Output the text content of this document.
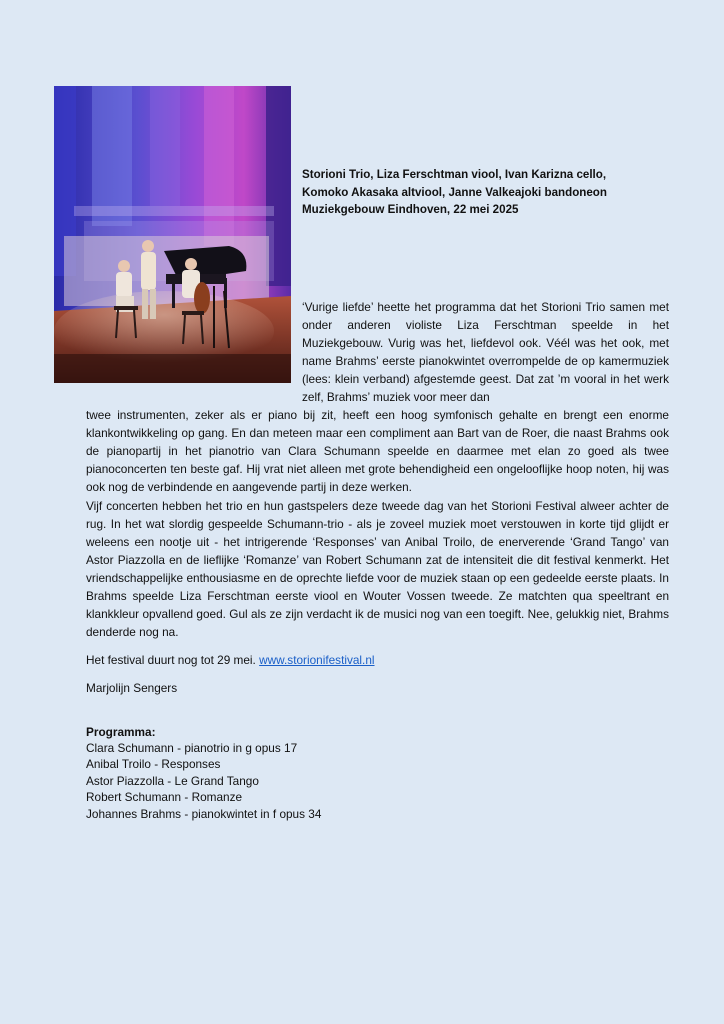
Storioni Trio, Liza Ferschtman viool, Ivan Karizna cello,
Komoko Akasaka altviool, Janne Valkeajoki bandoneon
Muziekgebouw Eindhoven, 22 mei 2025

‘Vurige liefde’ heette het programma dat het Storioni Trio samen met onder anderen violiste Liza Ferschtman speelde in het Muziekgebouw. Vurig was het, liefdevol ook. Véél was het ook, met name Brahms’ eerste pianokwintet overrompelde de op kamermuziek (lees: klein verband) afgestemde geest. Dat zat ’m vooral in het werk zelf, Brahms’ muziek voor meer dan

twee instrumenten, zeker als er piano bij zit, heeft een hoog symfonisch gehalte en brengt een enorme klankontwikkeling op gang. En dan meteen maar een compliment aan Bart van de Roer, die naast Brahms ook de pianopartij in het pianotrio van Clara Schumann speelde en daarmee met elan zo goed als twee pianoconcerten ten beste gaf. Hij vrat niet alleen met grote behendigheid een ongelooflijke hoop noten, hij was ook nog de verbindende en aangevende partij in deze werken.

Vijf concerten hebben het trio en hun gastspelers deze tweede dag van het Storioni Festival alweer achter de rug. In het wat slordig gespeelde Schumann-trio - als je zoveel muziek moet verstouwen in korte tijd glijdt er weleens een nootje uit - het intrigerende ‘Responses’ van Anibal Troilo, de enerverende ‘Grand Tango’ van Astor Piazzolla en de lieflijke ‘Romanze’ van Robert Schumann zat de intensiteit die dit festival kenmerkt. Het vriendschappelijke enthousiasme en de oprechte liefde voor de muziek staan op een gedeelde eerste plaats. In Brahms speelde Liza Ferschtman eerste viool en Wouter Vossen tweede. Ze matchten qua speeltrant en klankkleur opvallend goed. Gul als ze zijn verdacht ik de musici nog van een toegift. Nee, gelukkig niet, Brahms denderde nog na.

Het festival duurt nog tot 29 mei. www.storionifestival.nl

Marjolijn Sengers

Programma:

Clara Schumann - pianotrio in g opus 17
Anibal Troilo - Responses
Astor Piazzolla - Le Grand Tango
Robert Schumann - Romanze
Johannes Brahms - pianokwintet in f opus 34
